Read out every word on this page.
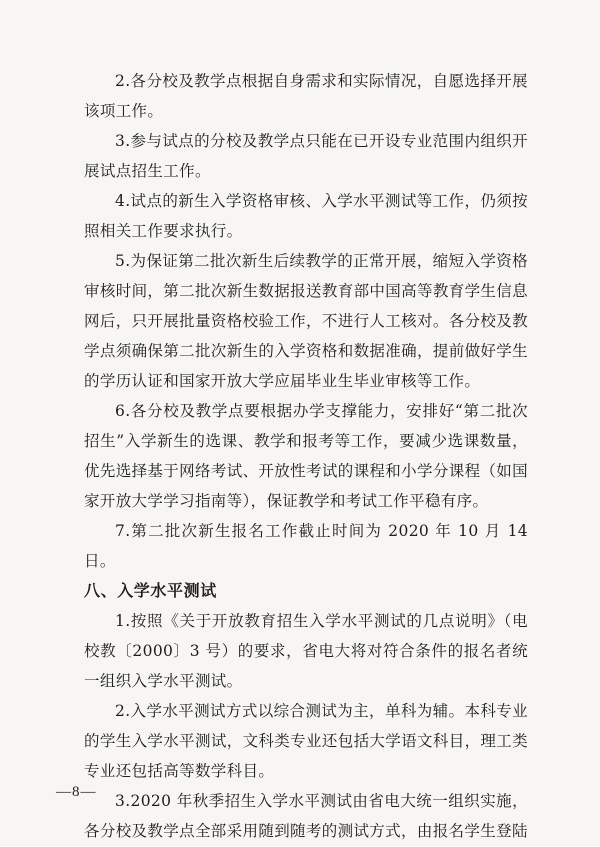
2.各分校及教学点根据自身需求和实际情况，自愿选择开展该项工作。

3.参与试点的分校及教学点只能在已开设专业范围内组织开展试点招生工作。

4.试点的新生入学资格审核、入学水平测试等工作，仍须按照相关工作要求执行。

5.为保证第二批次新生后续教学的正常开展，缩短入学资格审核时间，第二批次新生数据报送教育部中国高等教育学生信息网后，只开展批量资格校验工作，不进行人工核对。各分校及教学点须确保第二批次新生的入学资格和数据准确，提前做好学生的学历认证和国家开放大学应届毕业生毕业审核等工作。

6.各分校及教学点要根据办学支撑能力，安排好“第二批次招生”入学新生的选课、教学和报考等工作，要减少选课数量，优先选择基于网络考试、开放性考试的课程和小学分课程（如国家开放大学学习指南等），保证教学和考试工作平稳有序。

7.第二批次新生报名工作截止时间为 2020 年 10 月 14 日。

八、入学水平测试

1.按照《关于开放教育招生入学水平测试的几点说明》（电校教〔2000〕3 号）的要求，省电大将对符合条件的报名者统一组织入学水平测试。

2.入学水平测试方式以综合测试为主，单科为辅。本科专业的学生入学水平测试，文科类专业还包括大学语文科目，理工类专业还包括高等数学科目。

3.2020 年秋季招生入学水平测试由省电大统一组织实施，各分校及教学点全部采用随到随考的测试方式，由报名学生登陆

—8—
